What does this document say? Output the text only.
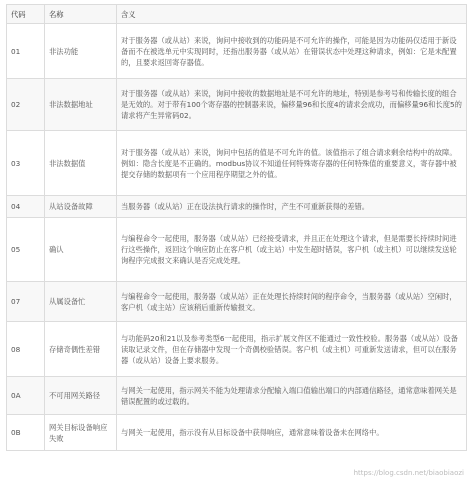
代码	名称	含义
01	非法功能	对于服务器（或从站）来说，询问中接收到的功能码是不可允许的操作，可能是因为功能码仅适用于新设备而不在被选单元中实现同时，还指出服务器（或从站）在错误状态中处理这种请求，例如：它是未配置的，且要求返回寄存器值。
02	非法数据地址	对于服务器（或从站）来说，询问中接收的数据地址是不可允许的地址，特别是参考号和传输长度的组合是无效的。对于带有100个寄存器的控制器来说，偏移量96和长度4的请求会成功，而偏移量96和长度5的请求将产生异常码02。
03	非法数据值	对于服务器（或从站）来说，询问中包括的值是不可允许的值。该值指示了组合请求剩余结构中的故障。例如：隐含长度是不正确的。modbus协议不知道任何特殊寄存器的任何特殊值的重要意义，寄存器中被提交存储的数据项有一个应用程序期望之外的值。
04	从站设备故障	当服务器（或从站）正在设法执行请求的操作时，产生不可重新获得的差错。
05	确认	与编程命令一起使用，服务器（或从站）已经接受请求，并且正在处理这个请求，但是需要长持续时间进行这些操作，返回这个响应防止在客户机（或主站）中发生超时错误，客户机（或主机）可以继续发送轮询程序完成报文来确认是否完成处理。
07	从属设备忙	与编程命令一起使用，服务器（或从站）正在处理长持续时间的程序命令，当服务器（或从站）空闲时，客户机（或主站）应该稍后重新传输报文。
08	存储奇偶性差错	与功能码20和21以及参考类型6一起使用，指示扩展文件区不能通过一致性校验。服务器（或从站）设备读取记录文件，但在存储器中发现一个奇偶校验错误。客户机（或主机）可重新发送请求，但可以在服务器（或从站）设备上要求服务。
0A	不可用网关路径	与网关一起使用，指示网关不能为处理请求分配输入端口值输出端口的内部通信路径，通常意味着网关是错误配置的或过载的。
0B	网关目标设备响应失败	与网关一起使用，指示没有从目标设备中获得响应，通常意味着设备未在网络中。
https://blog.csdn.net/biaobiaozi
